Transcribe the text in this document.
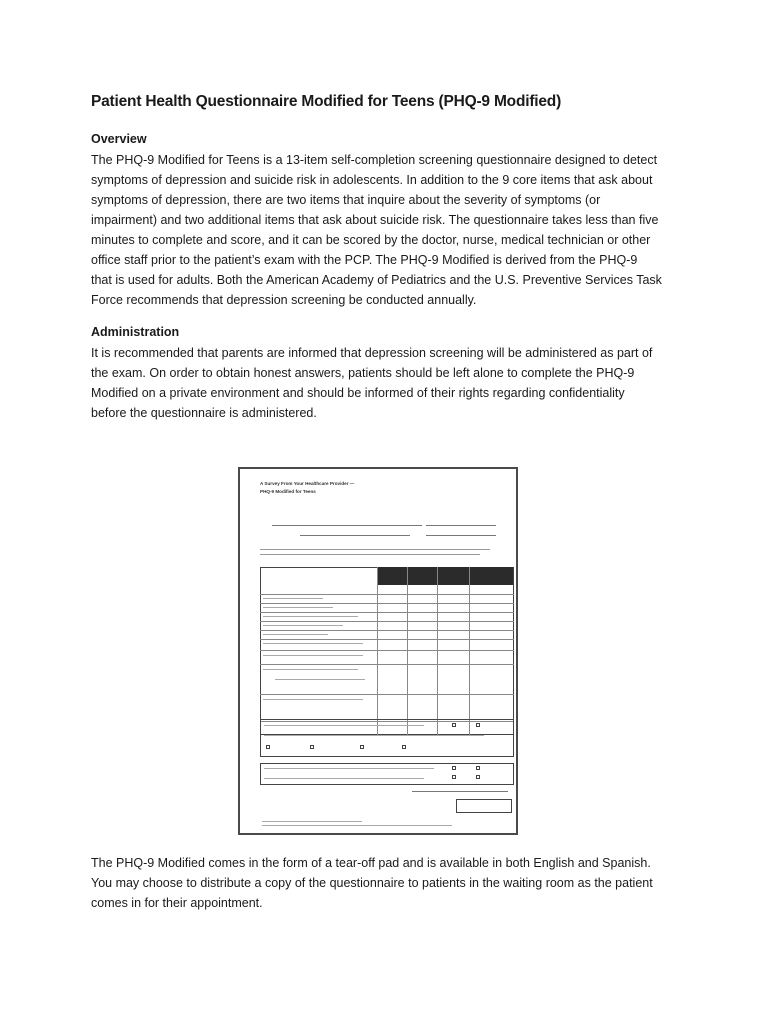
Patient Health Questionnaire Modified for Teens (PHQ-9 Modified)
Overview

The PHQ-9 Modified for Teens is a 13-item self-completion screening questionnaire designed to detect
symptoms of depression and suicide risk in adolescents. In addition to the 9 core items that ask about
symptoms of depression, there are two items that inquire about the severity of symptoms (or
impairment) and two additional items that ask about suicide risk. The questionnaire takes less than five
minutes to complete and score, and it can be scored by the doctor, nurse, medical technician or other
office staff prior to the patient’s exam with the PCP. The PHQ-9 Modified is derived from the PHQ-9
that is used for adults. Both the American Academy of Pediatrics and the U.S. Preventive Services Task
Force recommends that depression screening be conducted annually.

Administration

It is recommended that parents are informed that depression screening will be administered as part of
the exam. On order to obtain honest answers, patients should be left alone to complete the PHQ-9
Modified on a private environment and should be informed of their rights regarding confidentiality
before the questionnaire is administered.

A Survey From Your Healthcare Provider —
PHQ-9 Modified for Teens

The PHQ-9 Modified comes in the form of a tear-off pad and is available in both English and Spanish.
You may choose to distribute a copy of the questionnaire to patients in the waiting room as the patient
comes in for their appointment.
